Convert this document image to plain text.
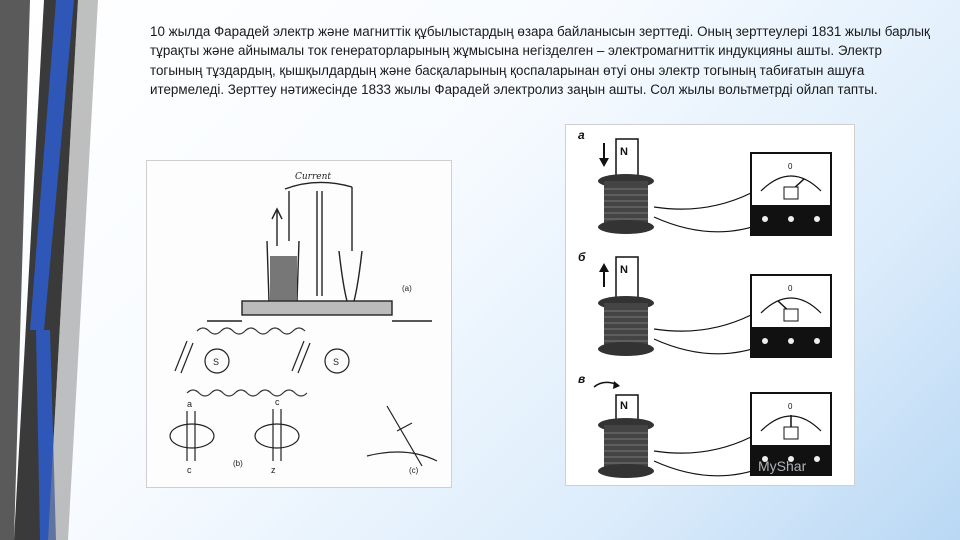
10 жылда Фарадей электр және магниттік құбылыстардың өзара байланысын зерттеді. Оның зерттеулері 1831 жылы барлық тұрақты және айнымалы ток генераторларының жұмысына негізделген – электромагниттік индукцияны ашты. Электр тогының тұздардың, қышқылдардың және басқаларының қоспаларынан өтуі оны электр тогының табиғатын ашуға итермеледі. Зерттеу нәтижесінде 1833 жылы Фарадей электролиз заңын ашты. Сол жылы вольтметрді ойлап тапты.

Current
(a)
S	S
a
c
c
z
(b)
(c)
а
N
0
б
N
0
в
N	0
MyShar
